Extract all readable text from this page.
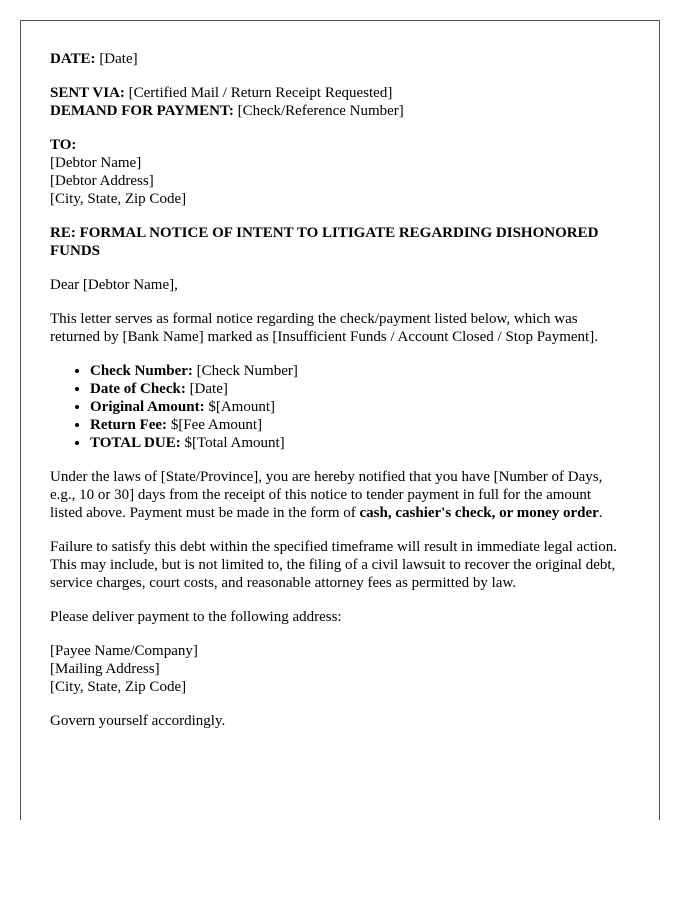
DATE: [Date]

SENT VIA: [Certified Mail / Return Receipt Requested]

DEMAND FOR PAYMENT: [Check/Reference Number]

TO:

[Debtor Name]

[Debtor Address]

[City, State, Zip Code]

RE: FORMAL NOTICE OF INTENT TO LITIGATE REGARDING DISHONORED FUNDS

Dear [Debtor Name],

This letter serves as formal notice regarding the check/payment listed below, which was returned by [Bank Name] marked as [Insufficient Funds / Account Closed / Stop Payment].

• Check Number: [Check Number]
• Date of Check: [Date]
• Original Amount: $[Amount]
• Return Fee: $[Fee Amount]
• TOTAL DUE: $[Total Amount]

Under the laws of [State/Province], you are hereby notified that you have [Number of Days, e.g., 10 or 30] days from the receipt of this notice to tender payment in full for the amount listed above. Payment must be made in the form of cash, cashier's check, or money order.

Failure to satisfy this debt within the specified timeframe will result in immediate legal action. This may include, but is not limited to, the filing of a civil lawsuit to recover the original debt, service charges, court costs, and reasonable attorney fees as permitted by law.

Please deliver payment to the following address:

[Payee Name/Company]

[Mailing Address]

[City, State, Zip Code]

Govern yourself accordingly.
